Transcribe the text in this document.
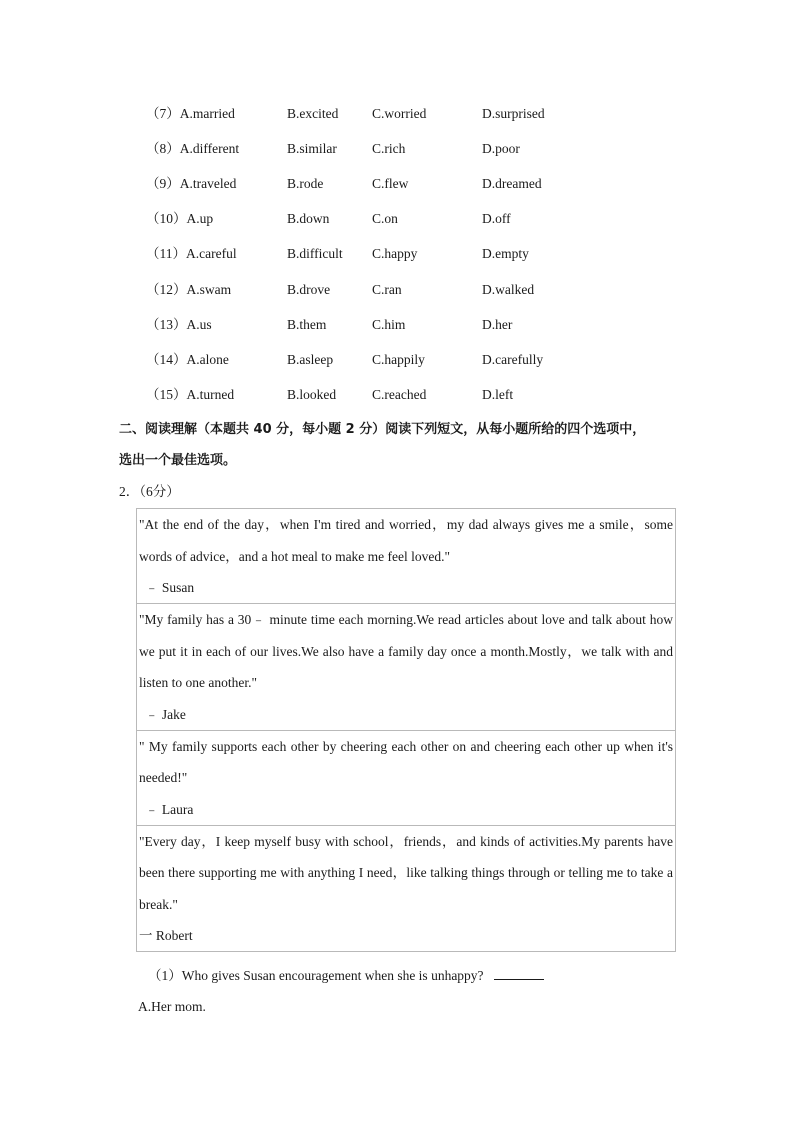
（7）A.married	B.excited C.worried	D.surprised
（8）A.different	B.similar	C.rich	D.poor
（9）A.traveled	B.rode	C.flew	D.dreamed
（10）A.up	B.down	C.on	D.off
（11）A.careful	B.difficult C.happy	D.empty
（12）A.swam	B.drove	C.ran	D.walked
（13）A.us	B.them	C.him	D.her
（14）A.alone	B.asleep	C.happily	D.carefully
（15）A.turned	B.looked	C.reached	D.left
二、阅读理解（本题共 40 分，每小题 2 分）阅读下列短文，从每小题所给的四个选项中，
选出一个最佳选项。
2．（6分）
"At the end of the day，when I'm tired and worried，my dad always gives me a smile，some words of advice，and a hot meal to make me feel loved."
﹣ Susan
"My family has a 30﹣ minute time each morning.We read articles about love and talk about how we put it in each of our lives.We also have a family day once a month.Mostly，we talk with and listen to one another."
﹣ Jake
" My family supports each other by cheering each other on and cheering each other up when it's needed!"
﹣ Laura
"Every day，I keep myself busy with school，friends，and kinds of activities.My parents have been there supporting me with anything I need，like talking things through or telling me to take a break."
一 Robert
（1）Who gives Susan encouragement when she is unhappy?
A.Her mom.
